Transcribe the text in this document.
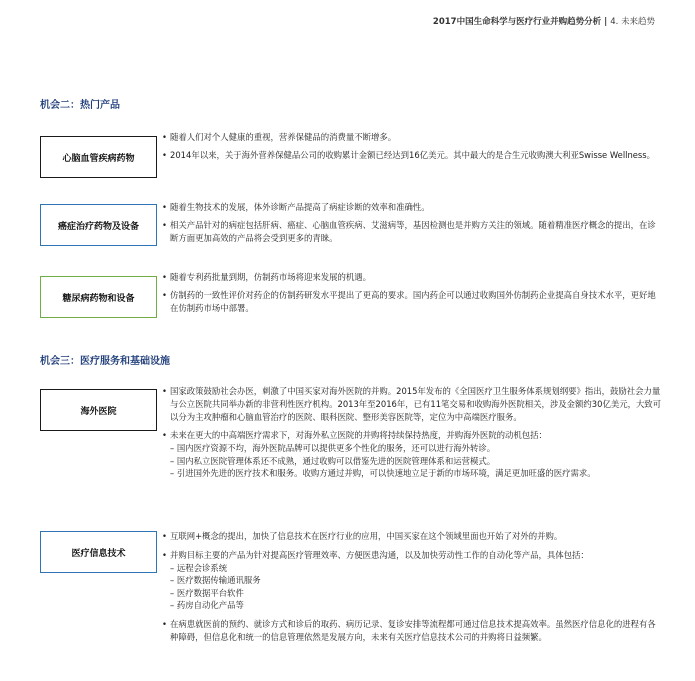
2017中国生命科学与医疗行业并购趋势分析 | 4. 未来趋势
机会二：热门产品
心脑血管疾病药物
• 随着人们对个人健康的重视，营养保健品的消费量不断增多。
• 2014年以来，关于海外营养保健品公司的收购累计金额已经达到16亿美元。其中最大的是合生元收购澳大利亚Swisse Wellness。
癌症治疗药物及设备
• 随着生物技术的发展，体外诊断产品提高了病症诊断的效率和准确性。
• 相关产品针对的病症包括肝病、癌症、心脑血管疾病、艾滋病等，基因检测也是并购方关注的领域。随着精准医疗概念的提出，在诊断方面更加高效的产品将会受到更多的青睐。
糖尿病药物和设备
• 随着专利药批量到期，仿制药市场将迎来发展的机遇。
• 仿制药的一致性评价对药企的仿制药研发水平提出了更高的要求。国内药企可以通过收购国外仿制药企业提高自身技术水平，更好地在仿制药市场中部署。
机会三：医疗服务和基础设施
海外医院
• 国家政策鼓励社会办医，刺激了中国买家对海外医院的并购。2015年发布的《全国医疗卫生服务体系规划纲要》指出，鼓励社会力量与公立医院共同举办新的非营利性医疗机构。2013年至2016年，已有11笔交易和收购海外医院相关，涉及金额约30亿美元，大致可以分为主攻肿瘤和心脑血管治疗的医院、眼科医院、整形美容医院等，定位为中高端医疗服务。
• 未来在更大的中高端医疗需求下，对海外私立医院的并购将持续保持热度，并购海外医院的动机包括：
– 国内医疗资源不均，海外医院品牌可以提供更多个性化的服务，还可以进行海外转诊。
– 国内私立医院管理体系还不成熟，通过收购可以借鉴先进的医院管理体系和运营模式。
– 引进国外先进的医疗技术和服务。收购方通过并购，可以快速地立足于新的市场环境，满足更加旺盛的医疗需求。
医疗信息技术
• 互联网+概念的提出，加快了信息技术在医疗行业的应用，中国买家在这个领域里面也开始了对外的并购。
• 并购目标主要的产品为针对提高医疗管理效率、方便医患沟通，以及加快劳动性工作的自动化等产品，具体包括：
– 远程会诊系统
– 医疗数据传输通讯服务
– 医疗数据平台软件
– 药房自动化产品等
• 在病患就医前的预约、就诊方式和诊后的取药、病历记录、复诊安排等流程都可通过信息技术提高效率。虽然医疗信息化的进程有各种障碍，但信息化和统一的信息管理依然是发展方向，未来有关医疗信息技术公司的并购将日益频繁。
